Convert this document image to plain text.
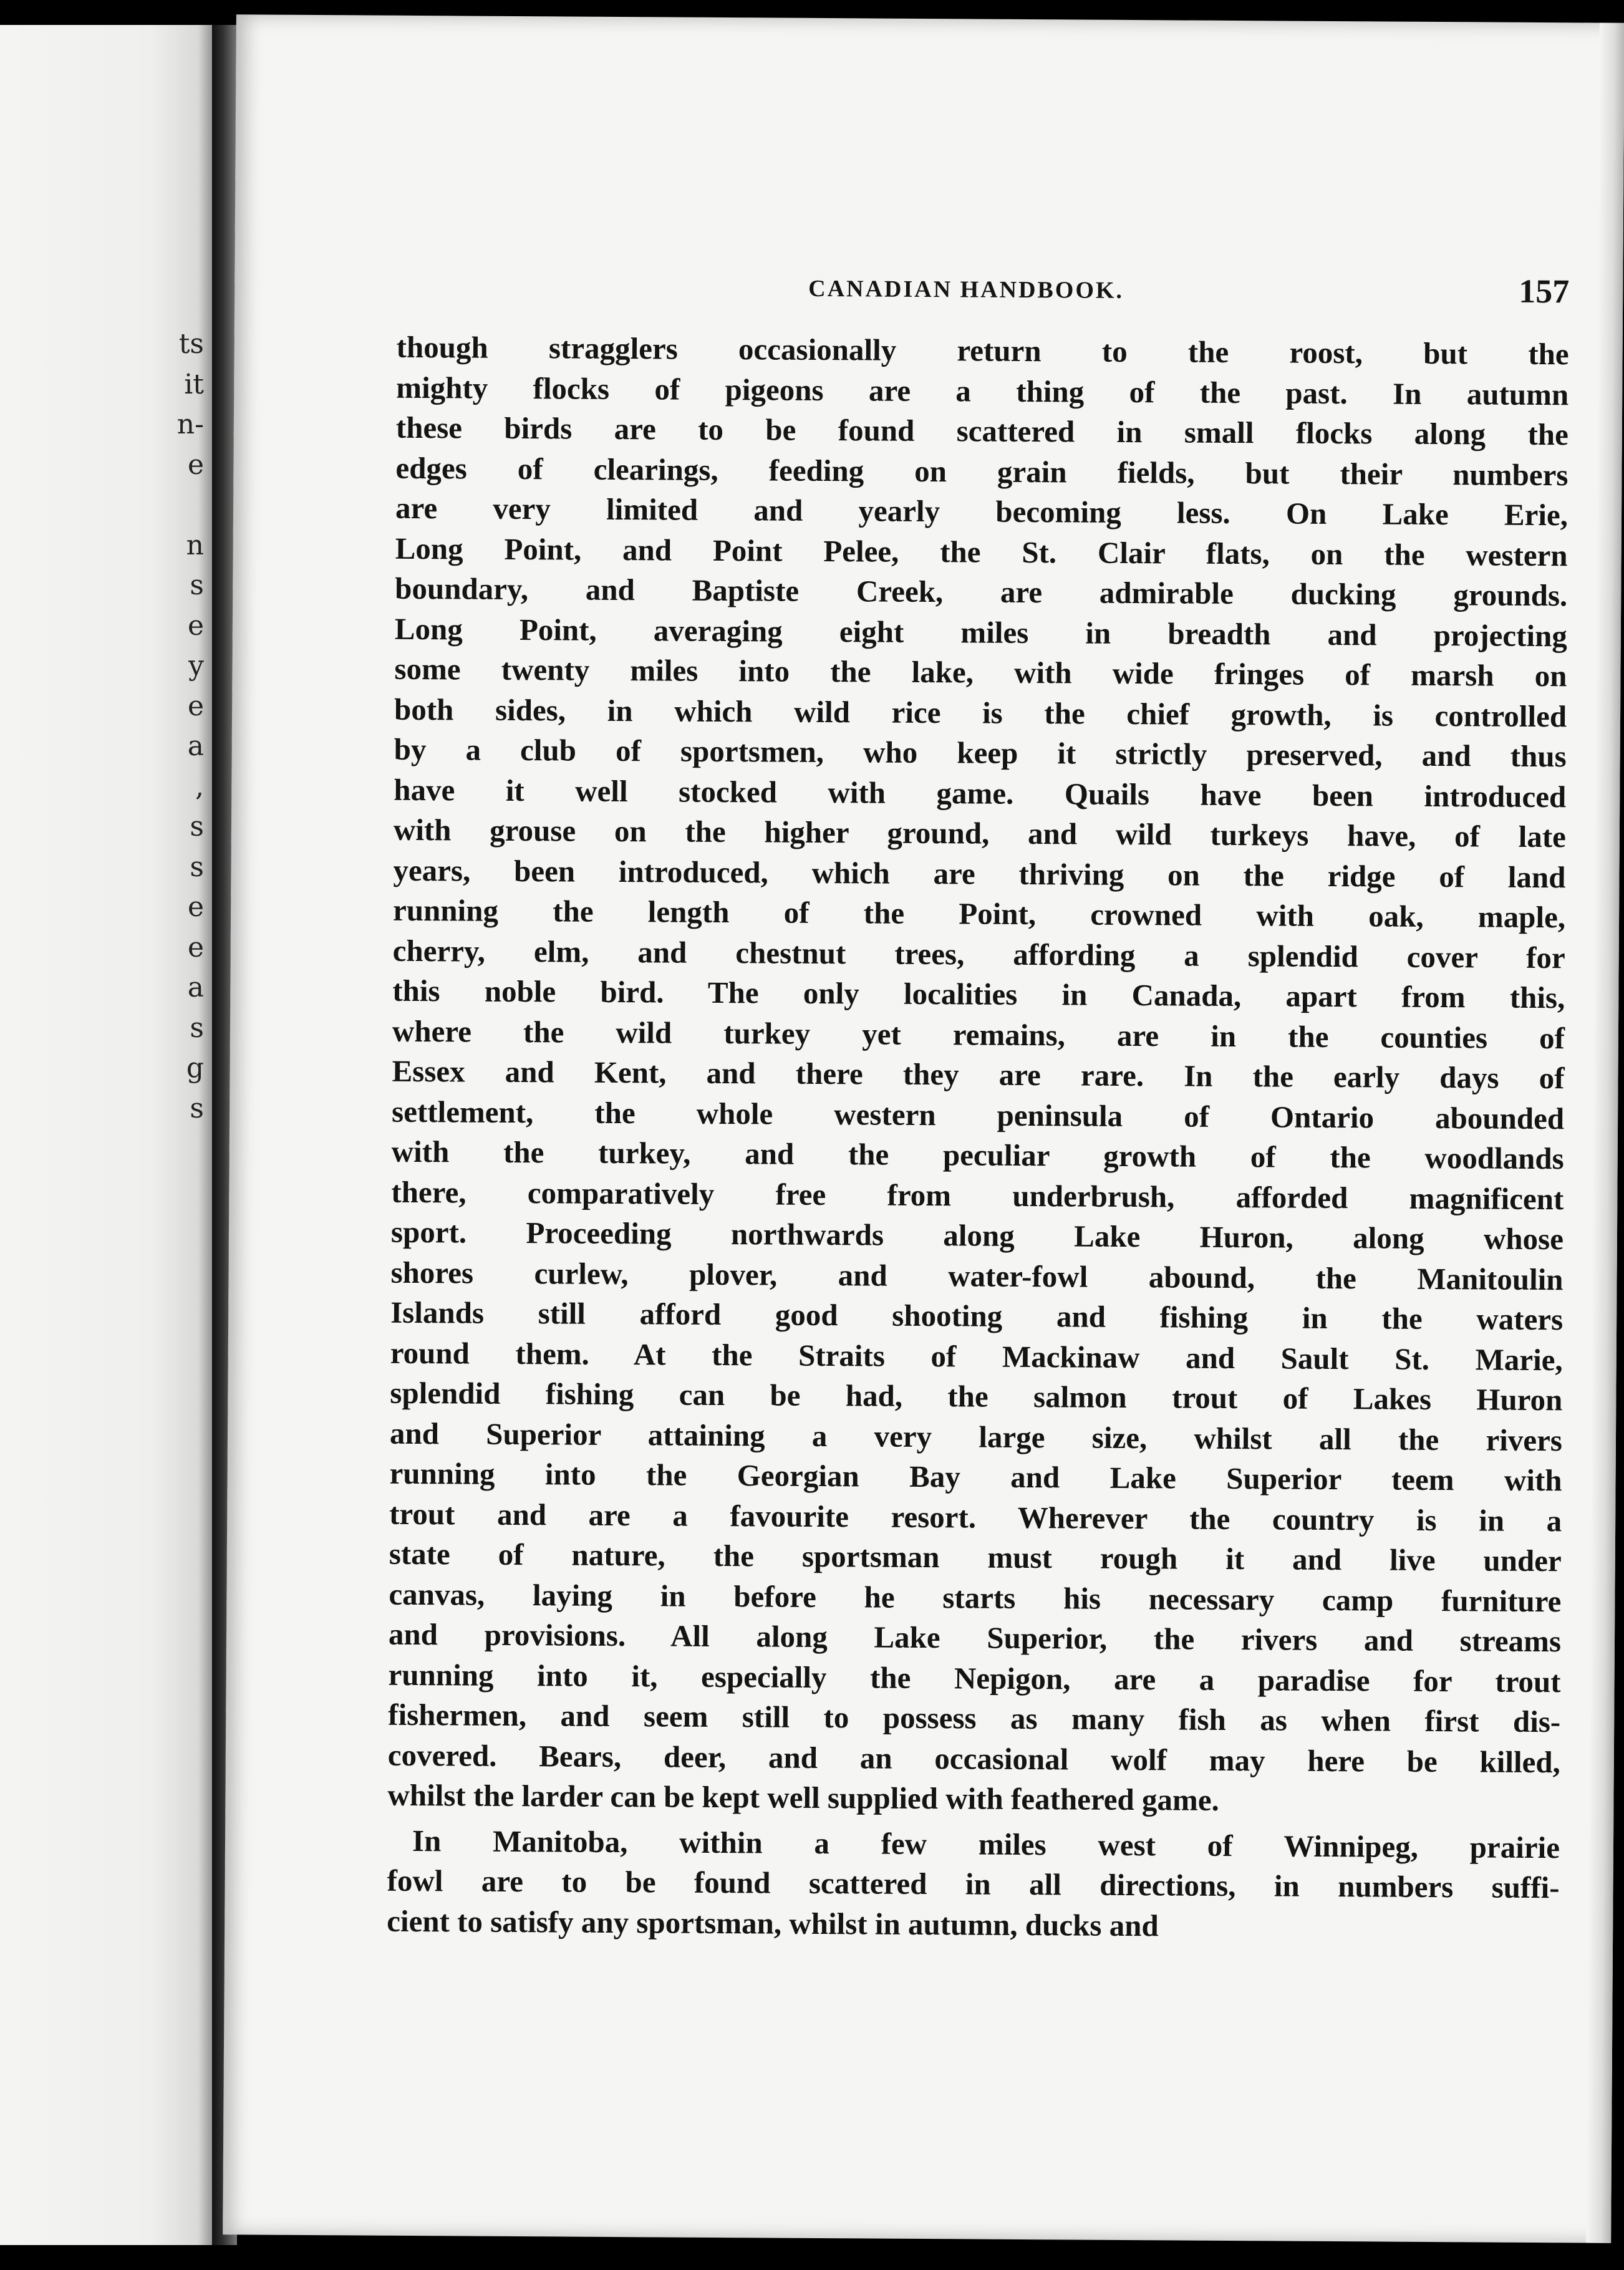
ts
it
n-
e
n
s
e
y
e
a
,
s
s
e
e
a
s
g
s
CANADIAN HANDBOOK.	157
though stragglers occasionally return to the roost, but the
mighty flocks of pigeons are a thing of the past. In autumn
these birds are to be found scattered in small flocks along the
edges of clearings, feeding on grain fields, but their numbers
are very limited and yearly becoming less. On Lake Erie,
Long Point, and Point Pelee, the St. Clair flats, on the western
boundary, and Baptiste Creek, are admirable ducking grounds.
Long Point, averaging eight miles in breadth and projecting
some twenty miles into the lake, with wide fringes of marsh on
both sides, in which wild rice is the chief growth, is controlled
by a club of sportsmen, who keep it strictly preserved, and thus
have it well stocked with game. Quails have been introduced
with grouse on the higher ground, and wild turkeys have, of late
years, been introduced, which are thriving on the ridge of land
running the length of the Point, crowned with oak, maple,
cherry, elm, and chestnut trees, affording a splendid cover for
this noble bird. The only localities in Canada, apart from this,
where the wild turkey yet remains, are in the counties of
Essex and Kent, and there they are rare. In the early days of
settlement, the whole western peninsula of Ontario abounded
with the turkey, and the peculiar growth of the woodlands
there, comparatively free from underbrush, afforded magnificent
sport. Proceeding northwards along Lake Huron, along whose
shores curlew, plover, and water-fowl abound, the Manitoulin
Islands still afford good shooting and fishing in the waters
round them. At the Straits of Mackinaw and Sault St. Marie,
splendid fishing can be had, the salmon trout of Lakes Huron
and Superior attaining a very large size, whilst all the rivers
running into the Georgian Bay and Lake Superior teem with
trout and are a favourite resort. Wherever the country is in a
state of nature, the sportsman must rough it and live under
canvas, laying in before he starts his necessary camp furniture
and provisions. All along Lake Superior, the rivers and streams
running into it, especially the Nepigon, are a paradise for trout
fishermen, and seem still to possess as many fish as when first dis-
covered. Bears, deer, and an occasional wolf may here be killed,
whilst the larder can be kept well supplied with feathered game.
In Manitoba, within a few miles west of Winnipeg, prairie
fowl are to be found scattered in all directions, in numbers suffi-
cient to satisfy any sportsman, whilst in autumn, ducks and
